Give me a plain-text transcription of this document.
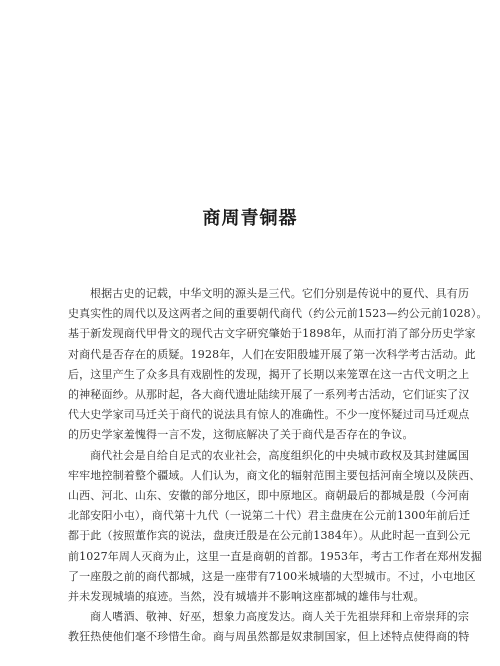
商周青铜器
根据古史的记载，中华文明的源头是三代。它们分别是传说中的夏代、具有历
史真实性的周代以及这两者之间的重要朝代商代（约公元前1523—约公元前1028）。
基于新发现商代甲骨文的现代古文字研究肇始于1898年，从而打消了部分历史学家
对商代是否存在的质疑。1928年，人们在安阳殷墟开展了第一次科学考古活动。此
后，这里产生了众多具有戏剧性的发现，揭开了长期以来笼罩在这一古代文明之上
的神秘面纱。从那时起，各大商代遗址陆续开展了一系列考古活动，它们证实了汉
代大史学家司马迁关于商代的说法具有惊人的准确性。不少一度怀疑过司马迁观点
的历史学家羞愧得一言不发，这彻底解决了关于商代是否存在的争议。
商代社会是自给自足式的农业社会，高度组织化的中央城市政权及其封建属国
牢牢地控制着整个疆域。人们认为，商文化的辐射范围主要包括河南全境以及陕西、
山西、河北、山东、安徽的部分地区，即中原地区。商朝最后的都城是殷（今河南
北部安阳小屯），商代第十九代（一说第二十代）君主盘庚在公元前1300年前后迁
都于此（按照董作宾的说法，盘庚迁殷是在公元前1384年）。从此时起一直到公元
前1027年周人灭商为止，这里一直是商朝的首都。1953年，考古工作者在郑州发掘
了一座殷之前的商代都城，这是一座带有7100米城墙的大型城市。不过，小屯地区
并未发现城墙的痕迹。当然，没有城墙并不影响这座都城的雄伟与壮观。
商人嗜酒、敬神、好巫，想象力高度发达。商人关于先祖崇拜和上帝崇拜的宗
教狂热使他们毫不珍惜生命。商与周虽然都是奴隶制国家，但上述特点使得商的特
